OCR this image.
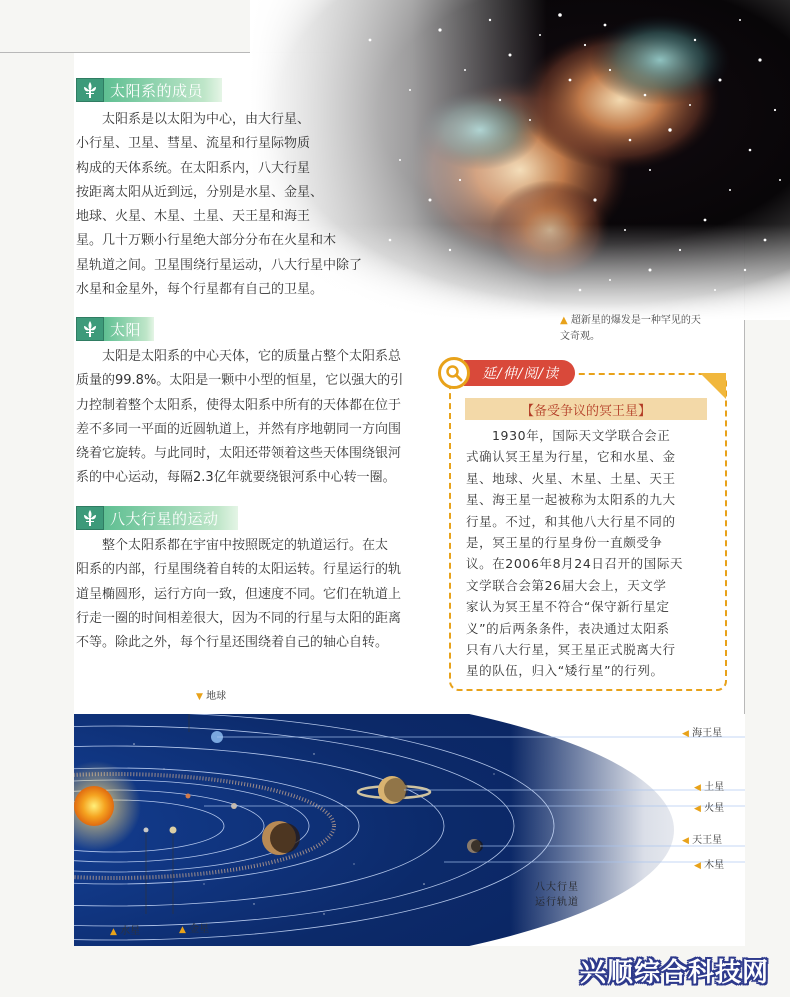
太阳系的成员
太阳系是以太阳为中心，由大行星、
小行星、卫星、彗星、流星和行星际物质
构成的天体系统。在太阳系内，八大行星
按距离太阳从近到远，分别是水星、金星、
地球、火星、木星、土星、天王星和海王
星。几十万颗小行星绝大部分分布在火星和木
星轨道之间。卫星围绕行星运动，八大行星中除了
水星和金星外，每个行星都有自己的卫星。
▲ 超新星的爆发是一种罕见的天
文奇观。
太阳
太阳是太阳系的中心天体，它的质量占整个太阳系总
质量的99.8%。太阳是一颗中小型的恒星，它以强大的引
力控制着整个太阳系，使得太阳系中所有的天体都在位于
差不多同一平面的近圆轨道上，并然有序地朝同一方向围
绕着它旋转。与此同时，太阳还带领着这些天体围绕银河
系的中心运动，每隔2.3亿年就要绕银河系中心转一圈。
八大行星的运动
整个太阳系都在宇宙中按照既定的轨道运行。在太
阳系的内部，行星围绕着自转的太阳运转。行星运行的轨
道呈椭圆形，运行方向一致，但速度不同。它们在轨道上
行走一圈的时间相差很大，因为不同的行星与太阳的距离
不等。除此之外，每个行星还围绕着自己的轴心自转。
延/伸/阅/读
【备受争议的冥王星】
1930年，国际天文学联合会正
式确认冥王星为行星，它和水星、金
星、地球、火星、木星、土星、天王
星、海王星一起被称为太阳系的九大
行星。不过，和其他八大行星不同的
是，冥王星的行星身份一直颇受争
议。在2006年8月24日召开的国际天
文学联合会第26届大会上，天文学
家认为冥王星不符合“保守新行星定
义”的后两条条件，表决通过太阳系
只有八大行星，冥王星正式脱离大行
星的队伍，归入“矮行星”的行列。
▼ 地球
◀ 海王星
◀ 土星
◀ 火星
◀ 天王星
◀ 木星
▲ 水星	▲ 金星
八大行星
运行轨道
兴顺综合科技网
